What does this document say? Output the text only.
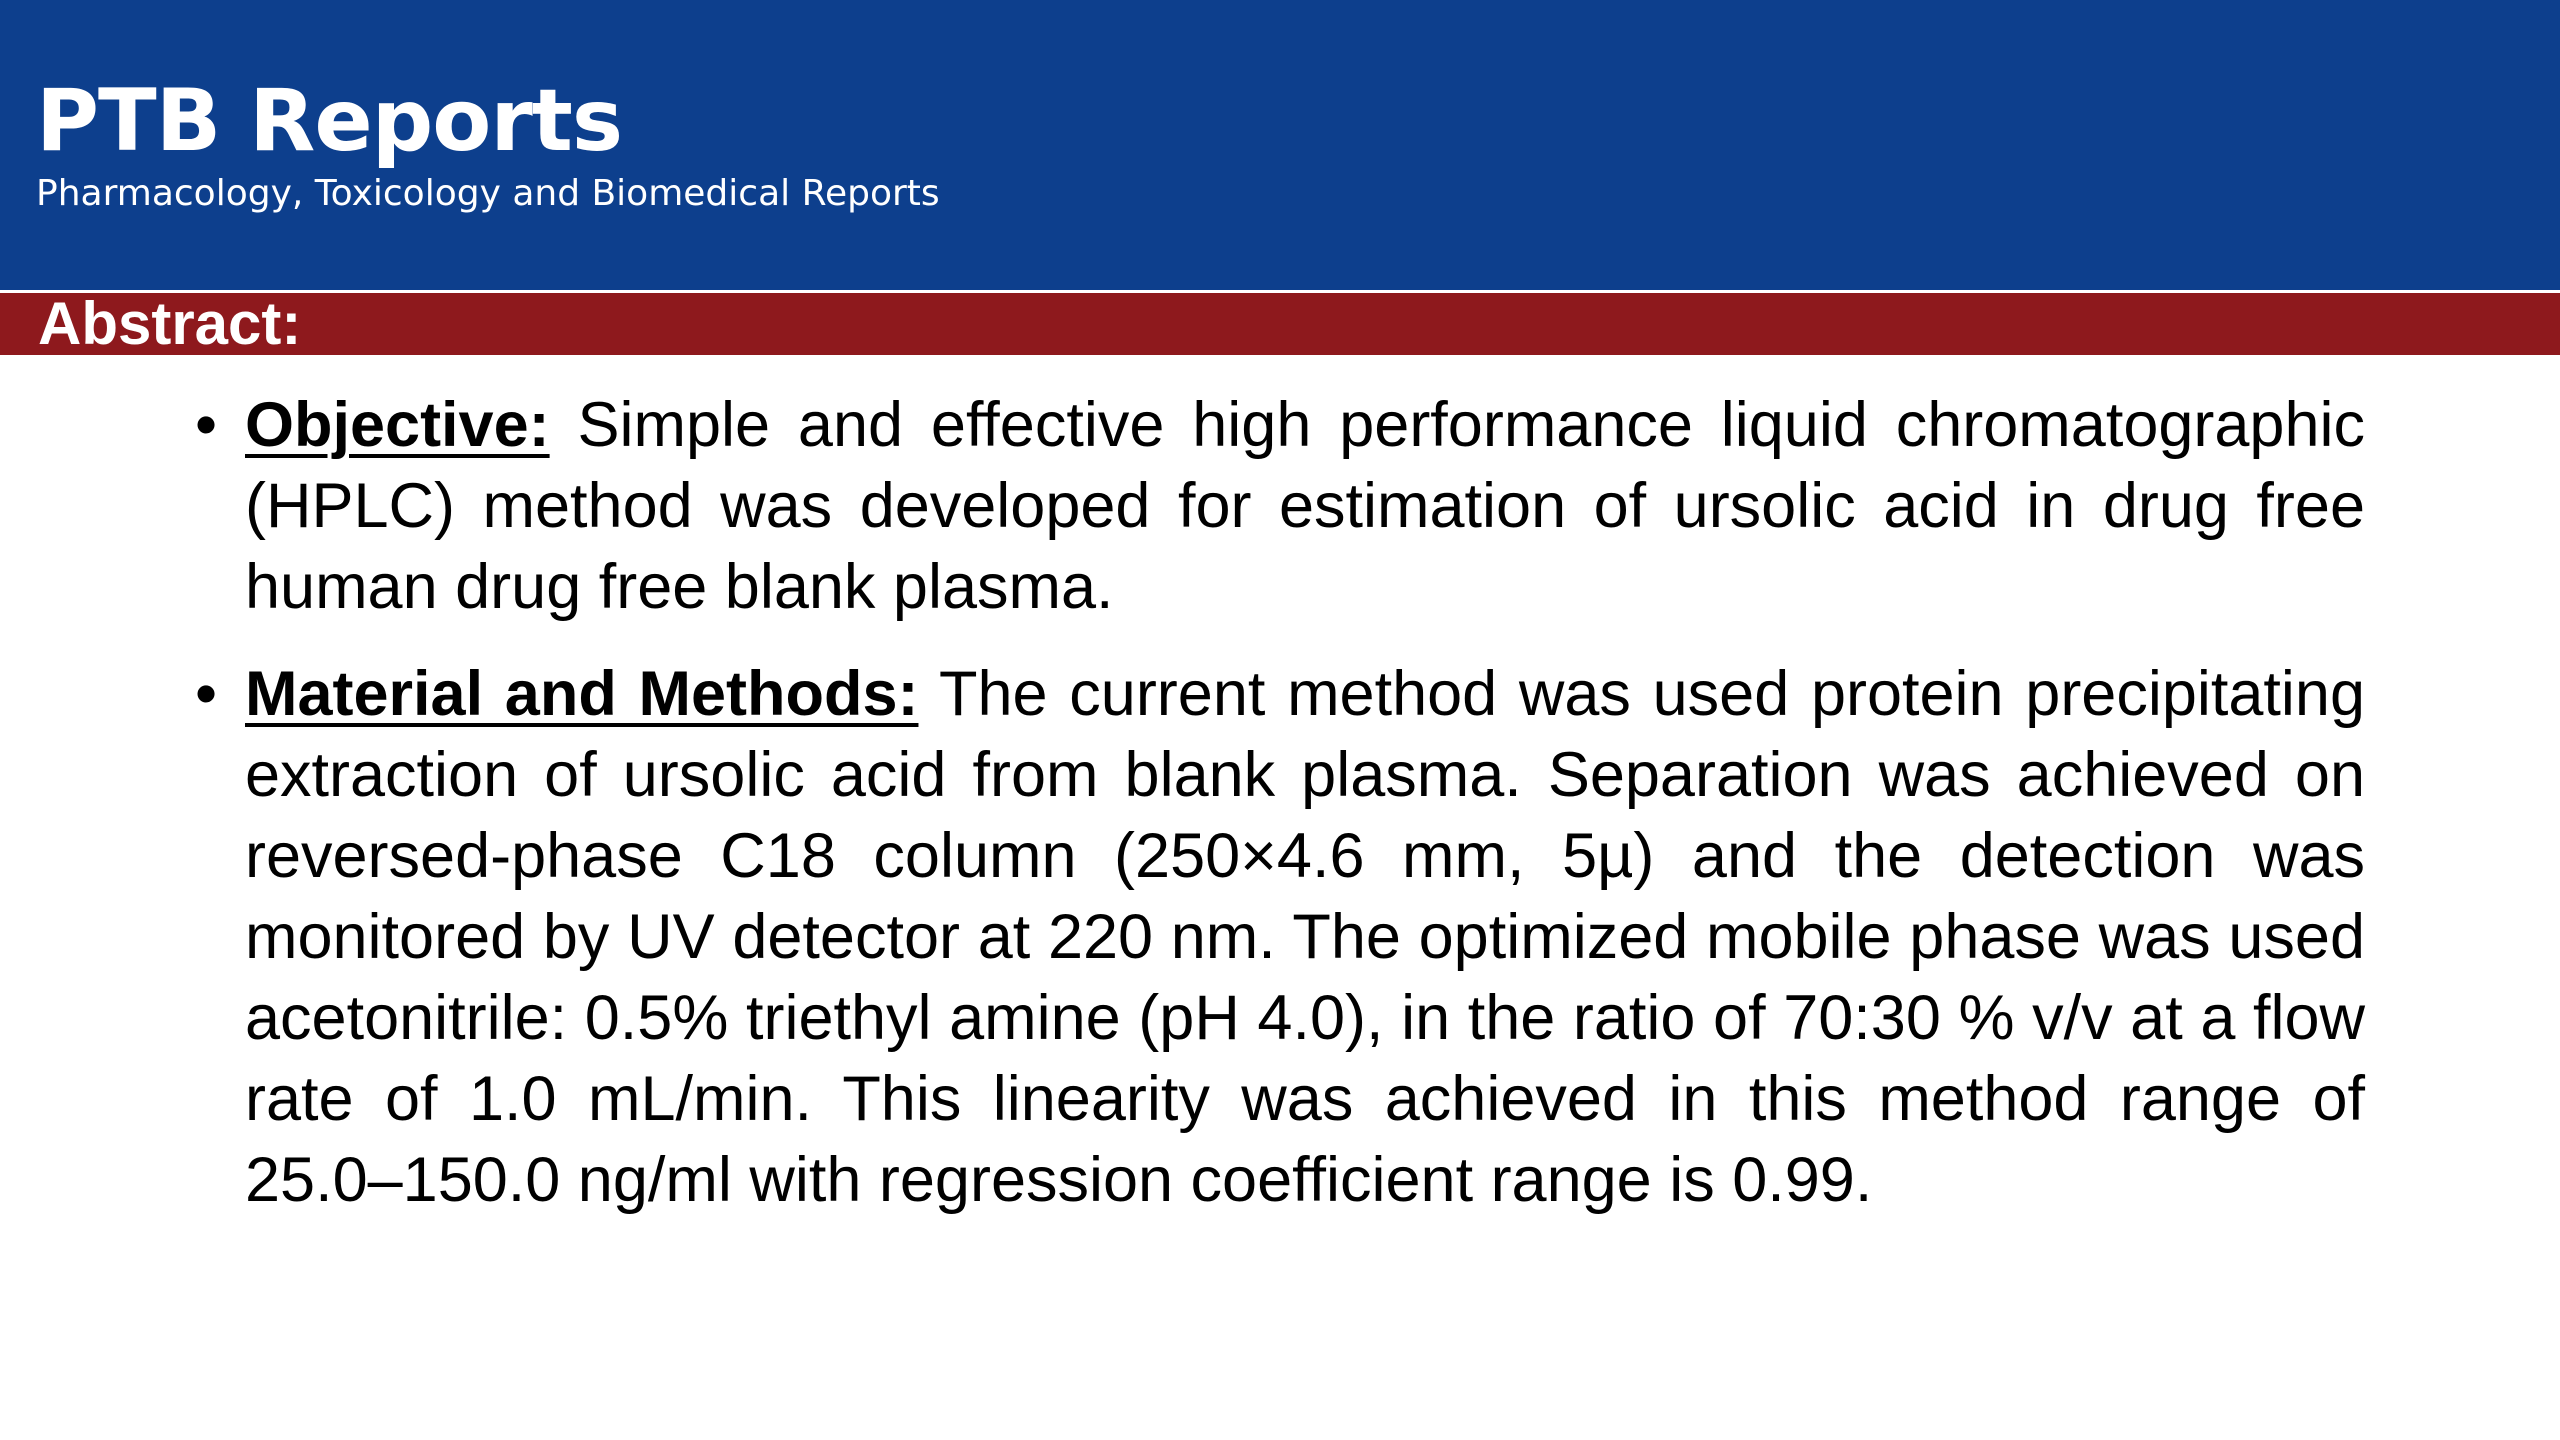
PTB Reports

Pharmacology, Toxicology and Biomedical Reports

Abstract:
• Objective: Simple and effective high performance liquid chromatographic (HPLC) method was developed for estimation of ursolic acid in drug free human drug free blank plasma.
• Material and Methods: The current method was used protein precipitating extraction of ursolic acid from blank plasma. Separation was achieved on reversed-phase C18 column (250×4.6 mm, 5µ) and the detection was monitored by UV detector at 220 nm. The optimized mobile phase was used acetonitrile: 0.5% triethyl amine (pH 4.0), in the ratio of 70:30 % v/v at a flow rate of 1.0 mL/min. This linearity was achieved in this method range of 25.0–150.0 ng/ml with regression coefficient range is 0.99.
